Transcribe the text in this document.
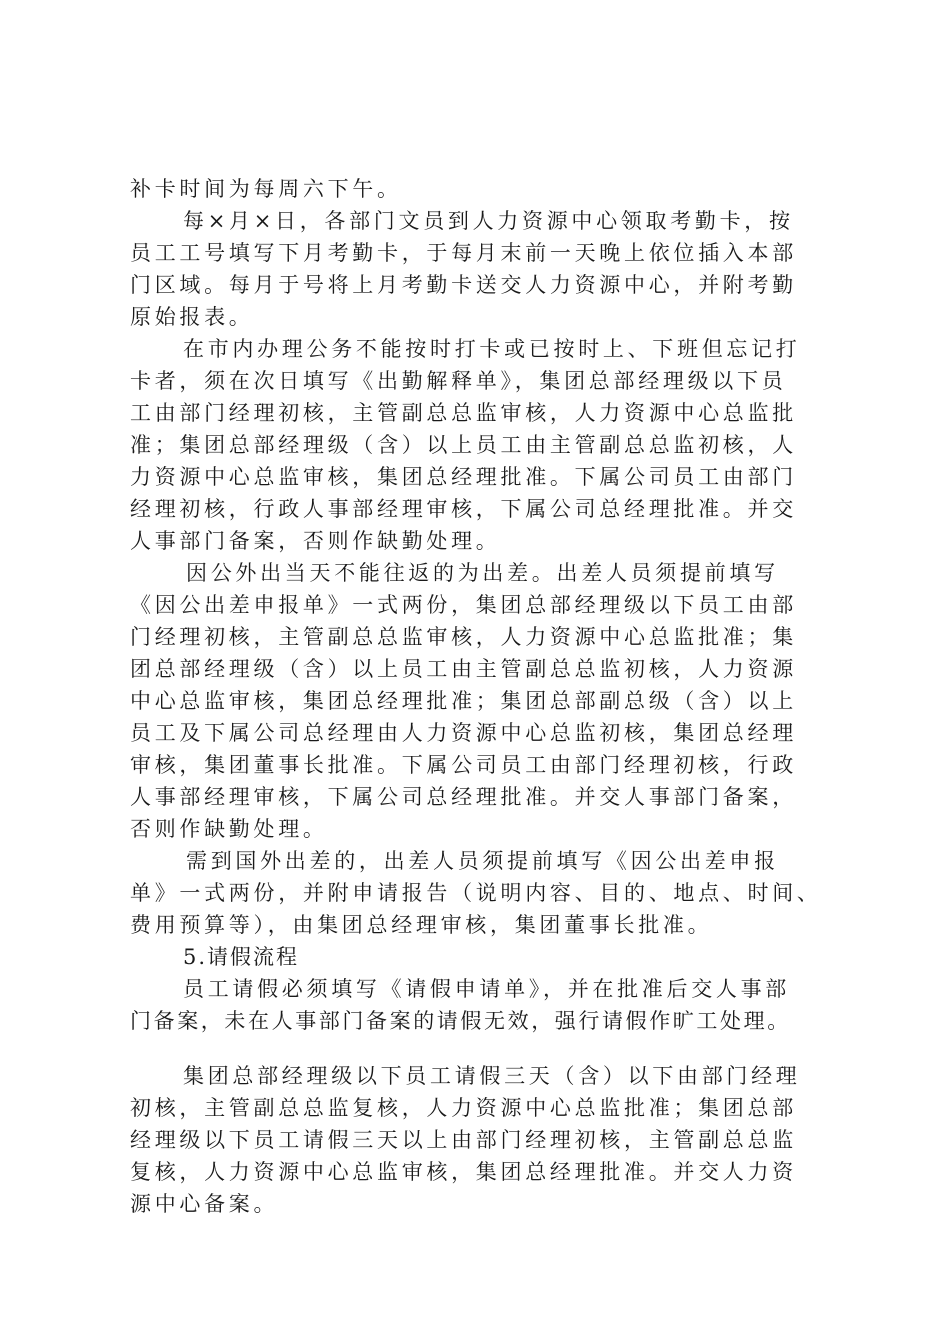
补卡时间为每周六下午。
每×月×日，各部门文员到人力资源中心领取考勤卡，按
员工工号填写下月考勤卡，于每月末前一天晚上依位插入本部
门区域。每月于号将上月考勤卡送交人力资源中心，并附考勤
原始报表。
在市内办理公务不能按时打卡或已按时上、下班但忘记打
卡者，须在次日填写《出勤解释单》，集团总部经理级以下员
工由部门经理初核，主管副总总监审核，人力资源中心总监批
准；集团总部经理级（含）以上员工由主管副总总监初核，人
力资源中心总监审核，集团总经理批准。下属公司员工由部门
经理初核，行政人事部经理审核，下属公司总经理批准。并交
人事部门备案，否则作缺勤处理。
因公外出当天不能往返的为出差。出差人员须提前填写
《因公出差申报单》一式两份，集团总部经理级以下员工由部
门经理初核，主管副总总监审核，人力资源中心总监批准；集
团总部经理级（含）以上员工由主管副总总监初核，人力资源
中心总监审核，集团总经理批准；集团总部副总级（含）以上
员工及下属公司总经理由人力资源中心总监初核，集团总经理
审核，集团董事长批准。下属公司员工由部门经理初核，行政
人事部经理审核，下属公司总经理批准。并交人事部门备案，
否则作缺勤处理。
需到国外出差的，出差人员须提前填写《因公出差申报
单》一式两份，并附申请报告（说明内容、目的、地点、时间、
费用预算等），由集团总经理审核，集团董事长批准。
5.请假流程
员工请假必须填写《请假申请单》，并在批准后交人事部
门备案，未在人事部门备案的请假无效，强行请假作旷工处理。
集团总部经理级以下员工请假三天（含）以下由部门经理
初核，主管副总总监复核，人力资源中心总监批准；集团总部
经理级以下员工请假三天以上由部门经理初核，主管副总总监
复核，人力资源中心总监审核，集团总经理批准。并交人力资
源中心备案。
